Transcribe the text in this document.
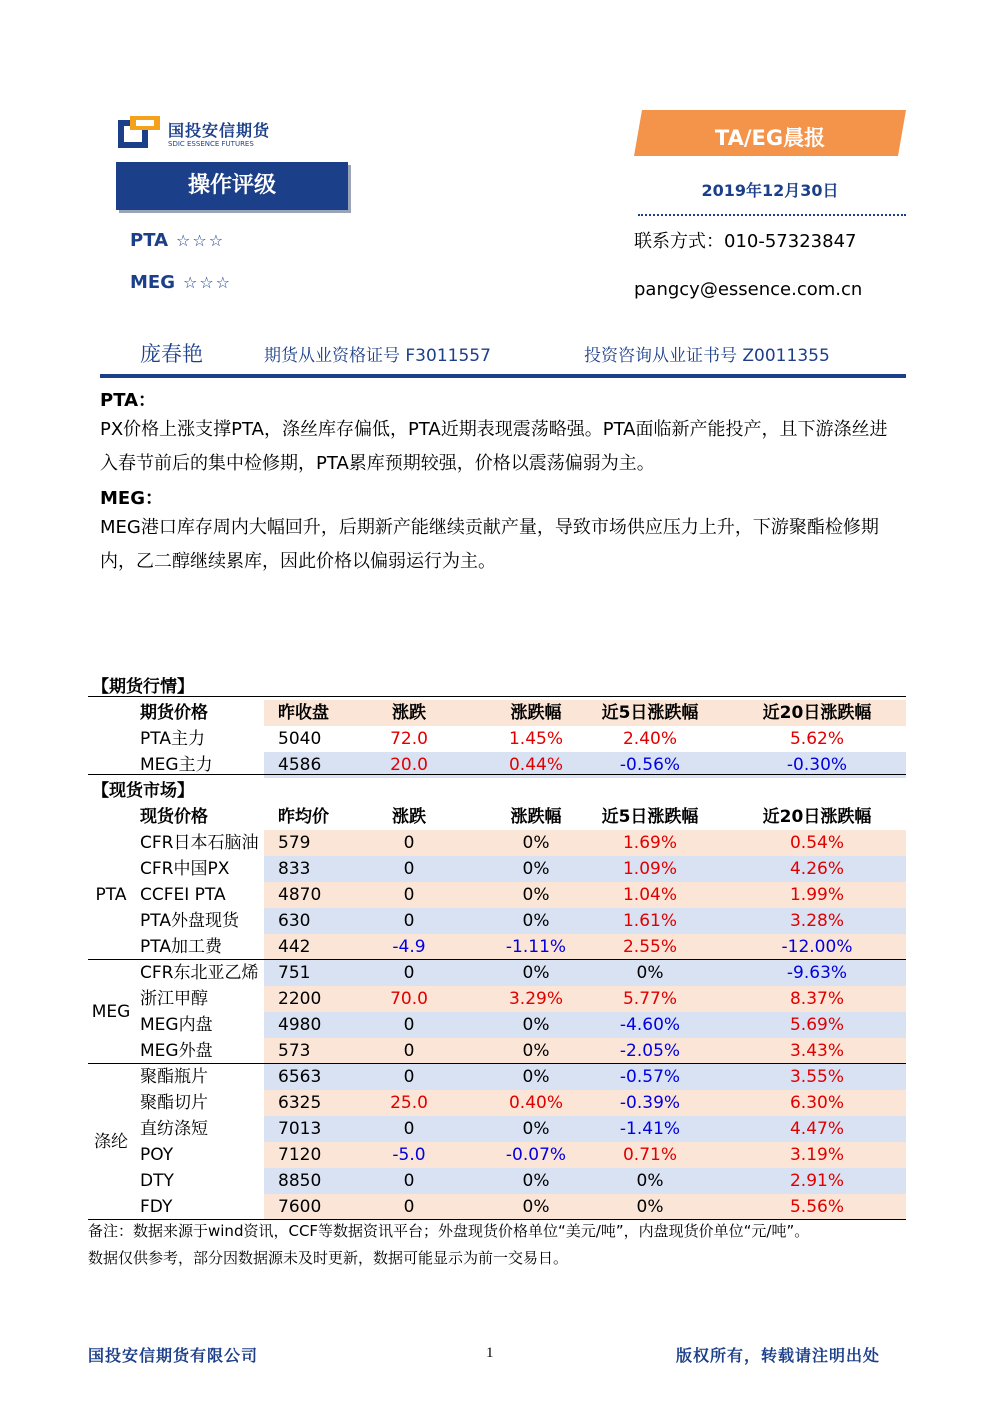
国投安信期货
SDIC ESSENCE FUTURES	TA/EG晨报
操作评级
PTA ☆☆☆
MEG ☆☆☆
2019年12月30日
联系方式：010-57323847
pangcy@essence.com.cn
庞春艳	期货从业资格证号 F3011557	投资咨询从业证书号 Z0011355
PTA：
PX价格上涨支撑PTA，涤丝库存偏低，PTA近期表现震荡略强。PTA面临新产能投产，且下游涤丝进入春节前后的集中检修期，PTA累库预期较强，价格以震荡偏弱为主。
MEG：
MEG港口库存周内大幅回升，后期新产能继续贡献产量，导致市场供应压力上升，下游聚酯检修期内，乙二醇继续累库，因此价格以偏弱运行为主。
【期货行情】
期货价格	昨收盘	涨跌	涨跌幅	近5日涨跌幅	近20日涨跌幅
PTA主力	5040	72.0	1.45%	2.40%	5.62%
MEG主力	4586	20.0	0.44%	-0.56%	-0.30%
【现货市场】
现货价格	昨均价	涨跌	涨跌幅	近5日涨跌幅	近20日涨跌幅
CFR日本石脑油 579	0	0%	1.69%	0.54%
CFR中国PX	833	0	0%	1.09%	4.26%
CCFEI PTA	4870	0	0%	1.04%	1.99%
PTA外盘现货 630	0	0%	1.61%	3.28%
PTA加工费	442	-4.9	-1.11%	2.55%	-12.00%
PTA
CFR东北亚乙烯 751	0	0%	0%	-9.63%
浙江甲醇	2200	70.0	3.29%	5.77%	8.37%
MEG内盘	4980	0	0%	-4.60%	5.69%
MEG外盘	573	0	0%	-2.05%	3.43%
MEG
聚酯瓶片	6563	0	0%	-0.57%	3.55%
聚酯切片	6325	25.0	0.40%	-0.39%	6.30%
直纺涤短	7013	0	0%	-1.41%	4.47%
POY	7120	-5.0	-0.07%	0.71%	3.19%
DTY	8850	0	0%	0%	2.91%
FDY	7600	0	0%	0%	5.56%
涤纶
备注：数据来源于wind资讯，CCF等数据资讯平台；外盘现货价格单位“美元/吨”，内盘现货价单位“元/吨”。
数据仅供参考，部分因数据源未及时更新，数据可能显示为前一交易日。
国投安信期货有限公司	1	版权所有，转载请注明出处
